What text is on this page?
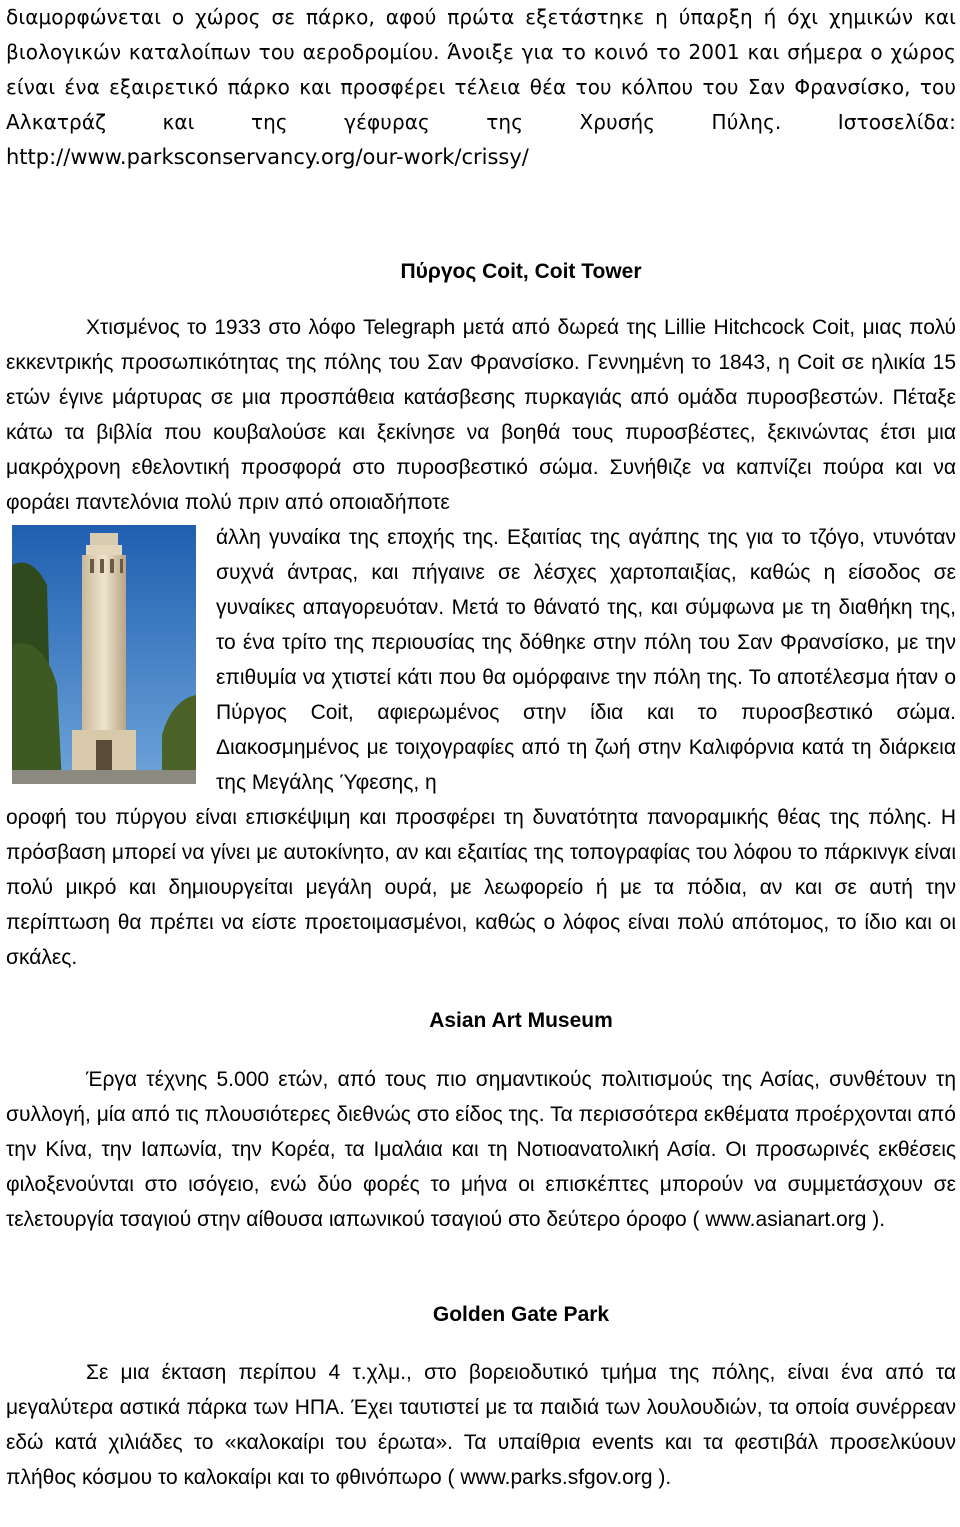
διαμορφώνεται ο χώρος σε πάρκο, αφού πρώτα εξετάστηκε η ύπαρξη ή όχι χημικών και

βιολογικών καταλοίπων του αεροδρομίου. Άνοιξε για το κοινό το 2001 και σήμερα ο χώρος

είναι ένα εξαιρετικό πάρκο και προσφέρει τέλεια θέα του κόλπου του Σαν Φρανσίσκο, του

Αλκατράζ και της γέφυρας της Χρυσής Πύλης. Ιστοσελίδα:

http://www.parksconservancy.org/our-work/crissy/

Πύργος Coit, Coit Tower

Χτισμένος το 1933 στο λόφο Telegraph μετά από δωρεά της Lillie Hitchcock Coit, μιας πολύ εκκεντρικής προσωπικότητας της πόλης του Σαν Φρανσίσκο. Γεννημένη το 1843, η Coit σε ηλικία 15 ετών έγινε μάρτυρας σε μια προσπάθεια κατάσβεσης πυρκαγιάς από ομάδα πυροσβεστών. Πέταξε κάτω τα βιβλία που κουβαλούσε και ξεκίνησε να βοηθά τους πυροσβέστες, ξεκινώντας έτσι μια μακρόχρονη εθελοντική προσφορά στο πυροσβεστικό σώμα. Συνήθιζε να καπνίζει πούρα και να φοράει παντελόνια πολύ πριν από οποιαδήποτε

άλλη γυναίκα της εποχής της. Εξαιτίας της αγάπης της για το τζόγο, ντυνόταν συχνά άντρας, και πήγαινε σε λέσχες χαρτοπαιξίας, καθώς η είσοδος σε γυναίκες απαγορευόταν. Μετά το θάνατό της, και σύμφωνα με τη διαθήκη της, το ένα τρίτο της περιουσίας της δόθηκε στην πόλη του Σαν Φρανσίσκο, με την επιθυμία να χτιστεί κάτι που θα ομόρφαινε την πόλη της. Το αποτέλεσμα ήταν ο Πύργος Coit, αφιερωμένος στην ίδια και το πυροσβεστικό σώμα. Διακοσμημένος με τοιχογραφίες από τη ζωή στην Καλιφόρνια κατά τη διάρκεια της Μεγάλης Ύφεσης, η

οροφή του πύργου είναι επισκέψιμη και προσφέρει τη δυνατότητα πανοραμικής θέας της πόλης. Η πρόσβαση μπορεί να γίνει με αυτοκίνητο, αν και εξαιτίας της τοπογραφίας του λόφου το πάρκινγκ είναι πολύ μικρό και δημιουργείται μεγάλη ουρά, με λεωφορείο ή με τα πόδια, αν και σε αυτή την περίπτωση θα πρέπει να είστε προετοιμασμένοι, καθώς ο λόφος είναι πολύ απότομος, το ίδιο και οι σκάλες.

Asian Art Museum

Έργα τέχνης 5.000 ετών, από τους πιο σημαντικούς πολιτισμούς της Ασίας, συνθέτουν τη συλλογή, μία από τις πλουσιότερες διεθνώς στο είδος της. Τα περισσότερα εκθέματα προέρχονται από την Κίνα, την Ιαπωνία, την Κορέα, τα Ιμαλάια και τη Νοτιοανατολική Ασία. Οι προσωρινές εκθέσεις φιλοξενούνται στο ισόγειο, ενώ δύο φορές το μήνα οι επισκέπτες μπορούν να συμμετάσχουν σε τελετουργία τσαγιού στην αίθουσα ιαπωνικού τσαγιού στο δεύτερο όροφο ( www.asianart.org ).

Golden Gate Park

Σε μια έκταση περίπου 4 τ.χλμ., στο βορειοδυτικό τμήμα της πόλης, είναι ένα από τα μεγαλύτερα αστικά πάρκα των ΗΠΑ. Έχει ταυτιστεί με τα παιδιά των λουλουδιών, τα οποία συνέρρεαν εδώ κατά χιλιάδες το «καλοκαίρι του έρωτα». Τα υπαίθρια events και τα φεστιβάλ προσελκύουν πλήθος κόσμου το καλοκαίρι και το φθινόπωρο ( www.parks.sfgov.org ).
